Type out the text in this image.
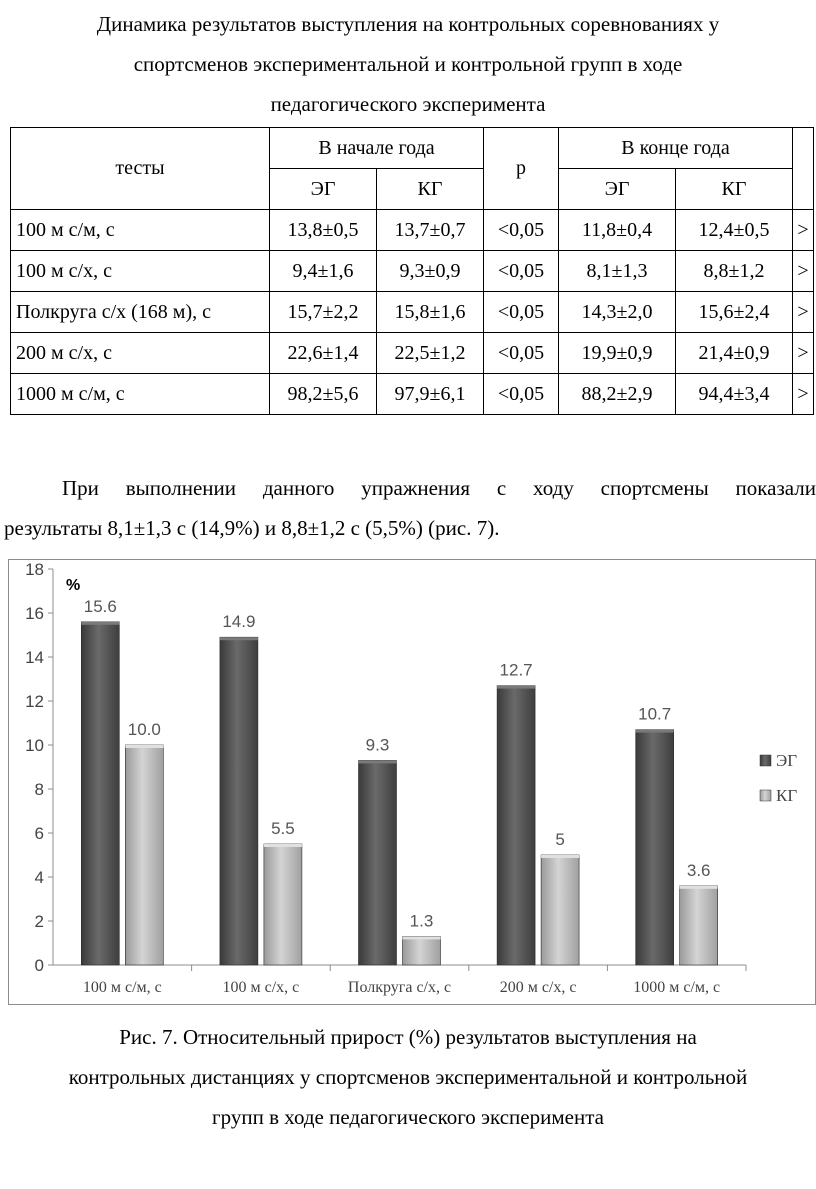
Динамика результатов выступления на контрольных соревнованиях у
спортсменов экспериментальной и контрольной групп в ходе
педагогического эксперимента
тесты	В начале года		р	В конце года		
	ЭГ	КГ		ЭГ	КГ	
100 м с/м, с	13,8±0,5	13,7±0,7	<0,05	11,8±0,4	12,4±0,5	>
100 м с/х, с	9,4±1,6	9,3±0,9	<0,05	8,1±1,3	8,8±1,2	>
Полкруга с/х (168 м), с	15,7±2,2	15,8±1,6	<0,05	14,3±2,0	15,6±2,4	>
200 м с/х, с	22,6±1,4	22,5±1,2	<0,05	19,9±0,9	21,4±0,9	>
1000 м с/м, с	98,2±5,6	97,9±6,1	<0,05	88,2±2,9	94,4±3,4	>
При выполнении данного упражнения с ходу спортсмены показали
результаты 8,1±1,3 с (14,9%) и 8,8±1,2 с (5,5%) (рис. 7).
0
2
4
6
8
10
12
14
16
18
%
100 м с/м, с	100 м с/х, с	Полкруга с/х, с	200 м с/х, с	1000 м с/м, с
15.6
14.9
9.3
12.7
10.7
10.0
5.5
1.3
5
3.6
ЭГ
КГ
Рис. 7. Относительный прирост (%) результатов выступления на
контрольных дистанциях у спортсменов экспериментальной и контрольной
групп в ходе педагогического эксперимента
